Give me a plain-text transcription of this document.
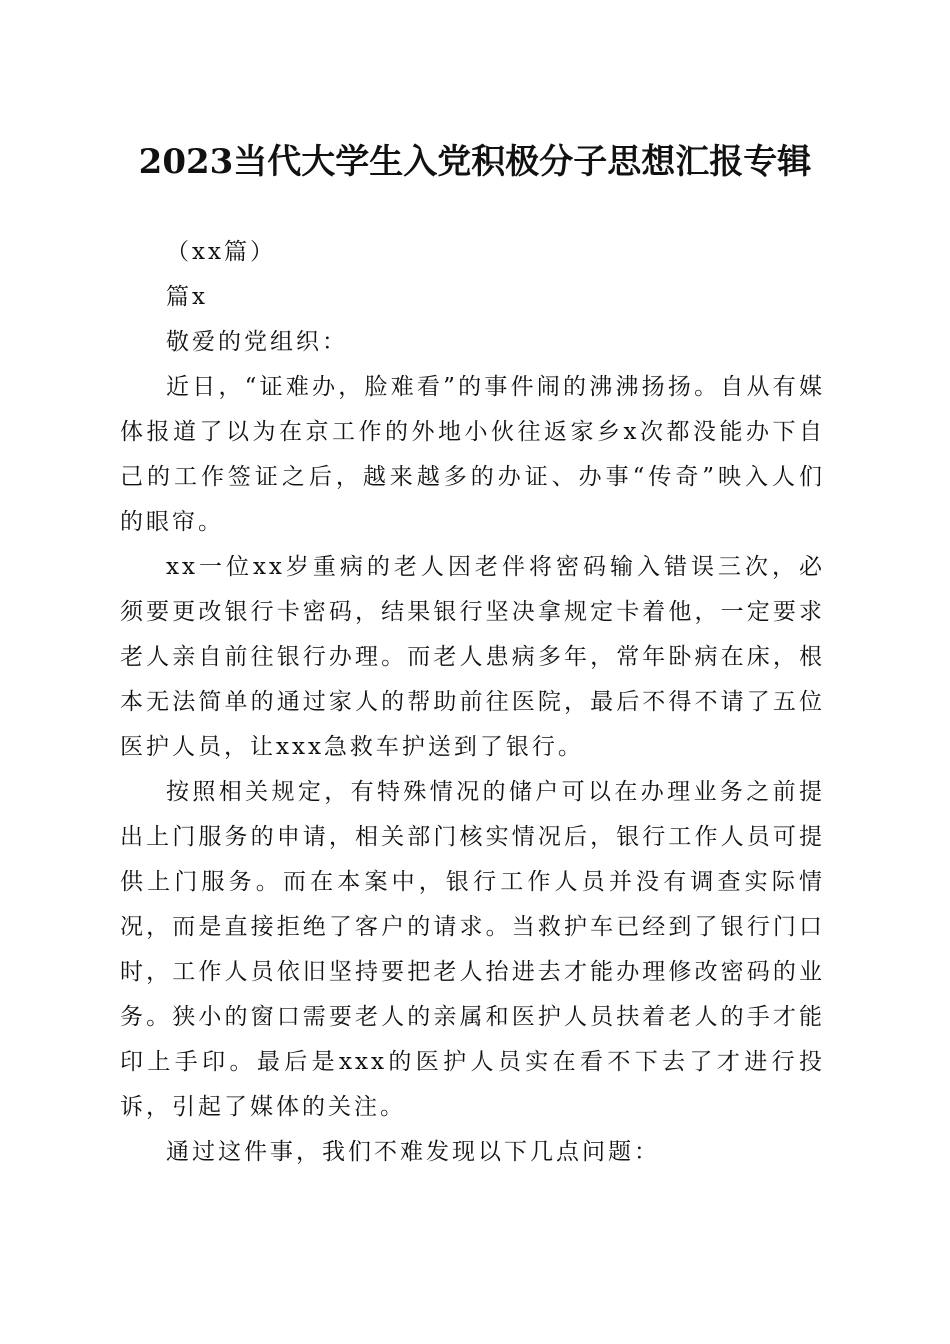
2023当代大学生入党积极分子思想汇报专辑

（xx篇）

篇x

敬爱的党组织：

近日，“证难办，脸难看”的事件闹的沸沸扬扬。自从有媒体报道了以为在京工作的外地小伙往返家乡x次都没能办下自己的工作签证之后，越来越多的办证、办事“传奇”映入人们的眼帘。

xx一位xx岁重病的老人因老伴将密码输入错误三次，必须要更改银行卡密码，结果银行坚决拿规定卡着他，一定要求老人亲自前往银行办理。而老人患病多年，常年卧病在床，根本无法简单的通过家人的帮助前往医院，最后不得不请了五位医护人员，让xxx急救车护送到了银行。

按照相关规定，有特殊情况的储户可以在办理业务之前提出上门服务的申请，相关部门核实情况后，银行工作人员可提供上门服务。而在本案中，银行工作人员并没有调查实际情况，而是直接拒绝了客户的请求。当救护车已经到了银行门口时，工作人员依旧坚持要把老人抬进去才能办理修改密码的业务。狭小的窗口需要老人的亲属和医护人员扶着老人的手才能印上手印。最后是xxx的医护人员实在看不下去了才进行投诉，引起了媒体的关注。

通过这件事，我们不难发现以下几点问题：
